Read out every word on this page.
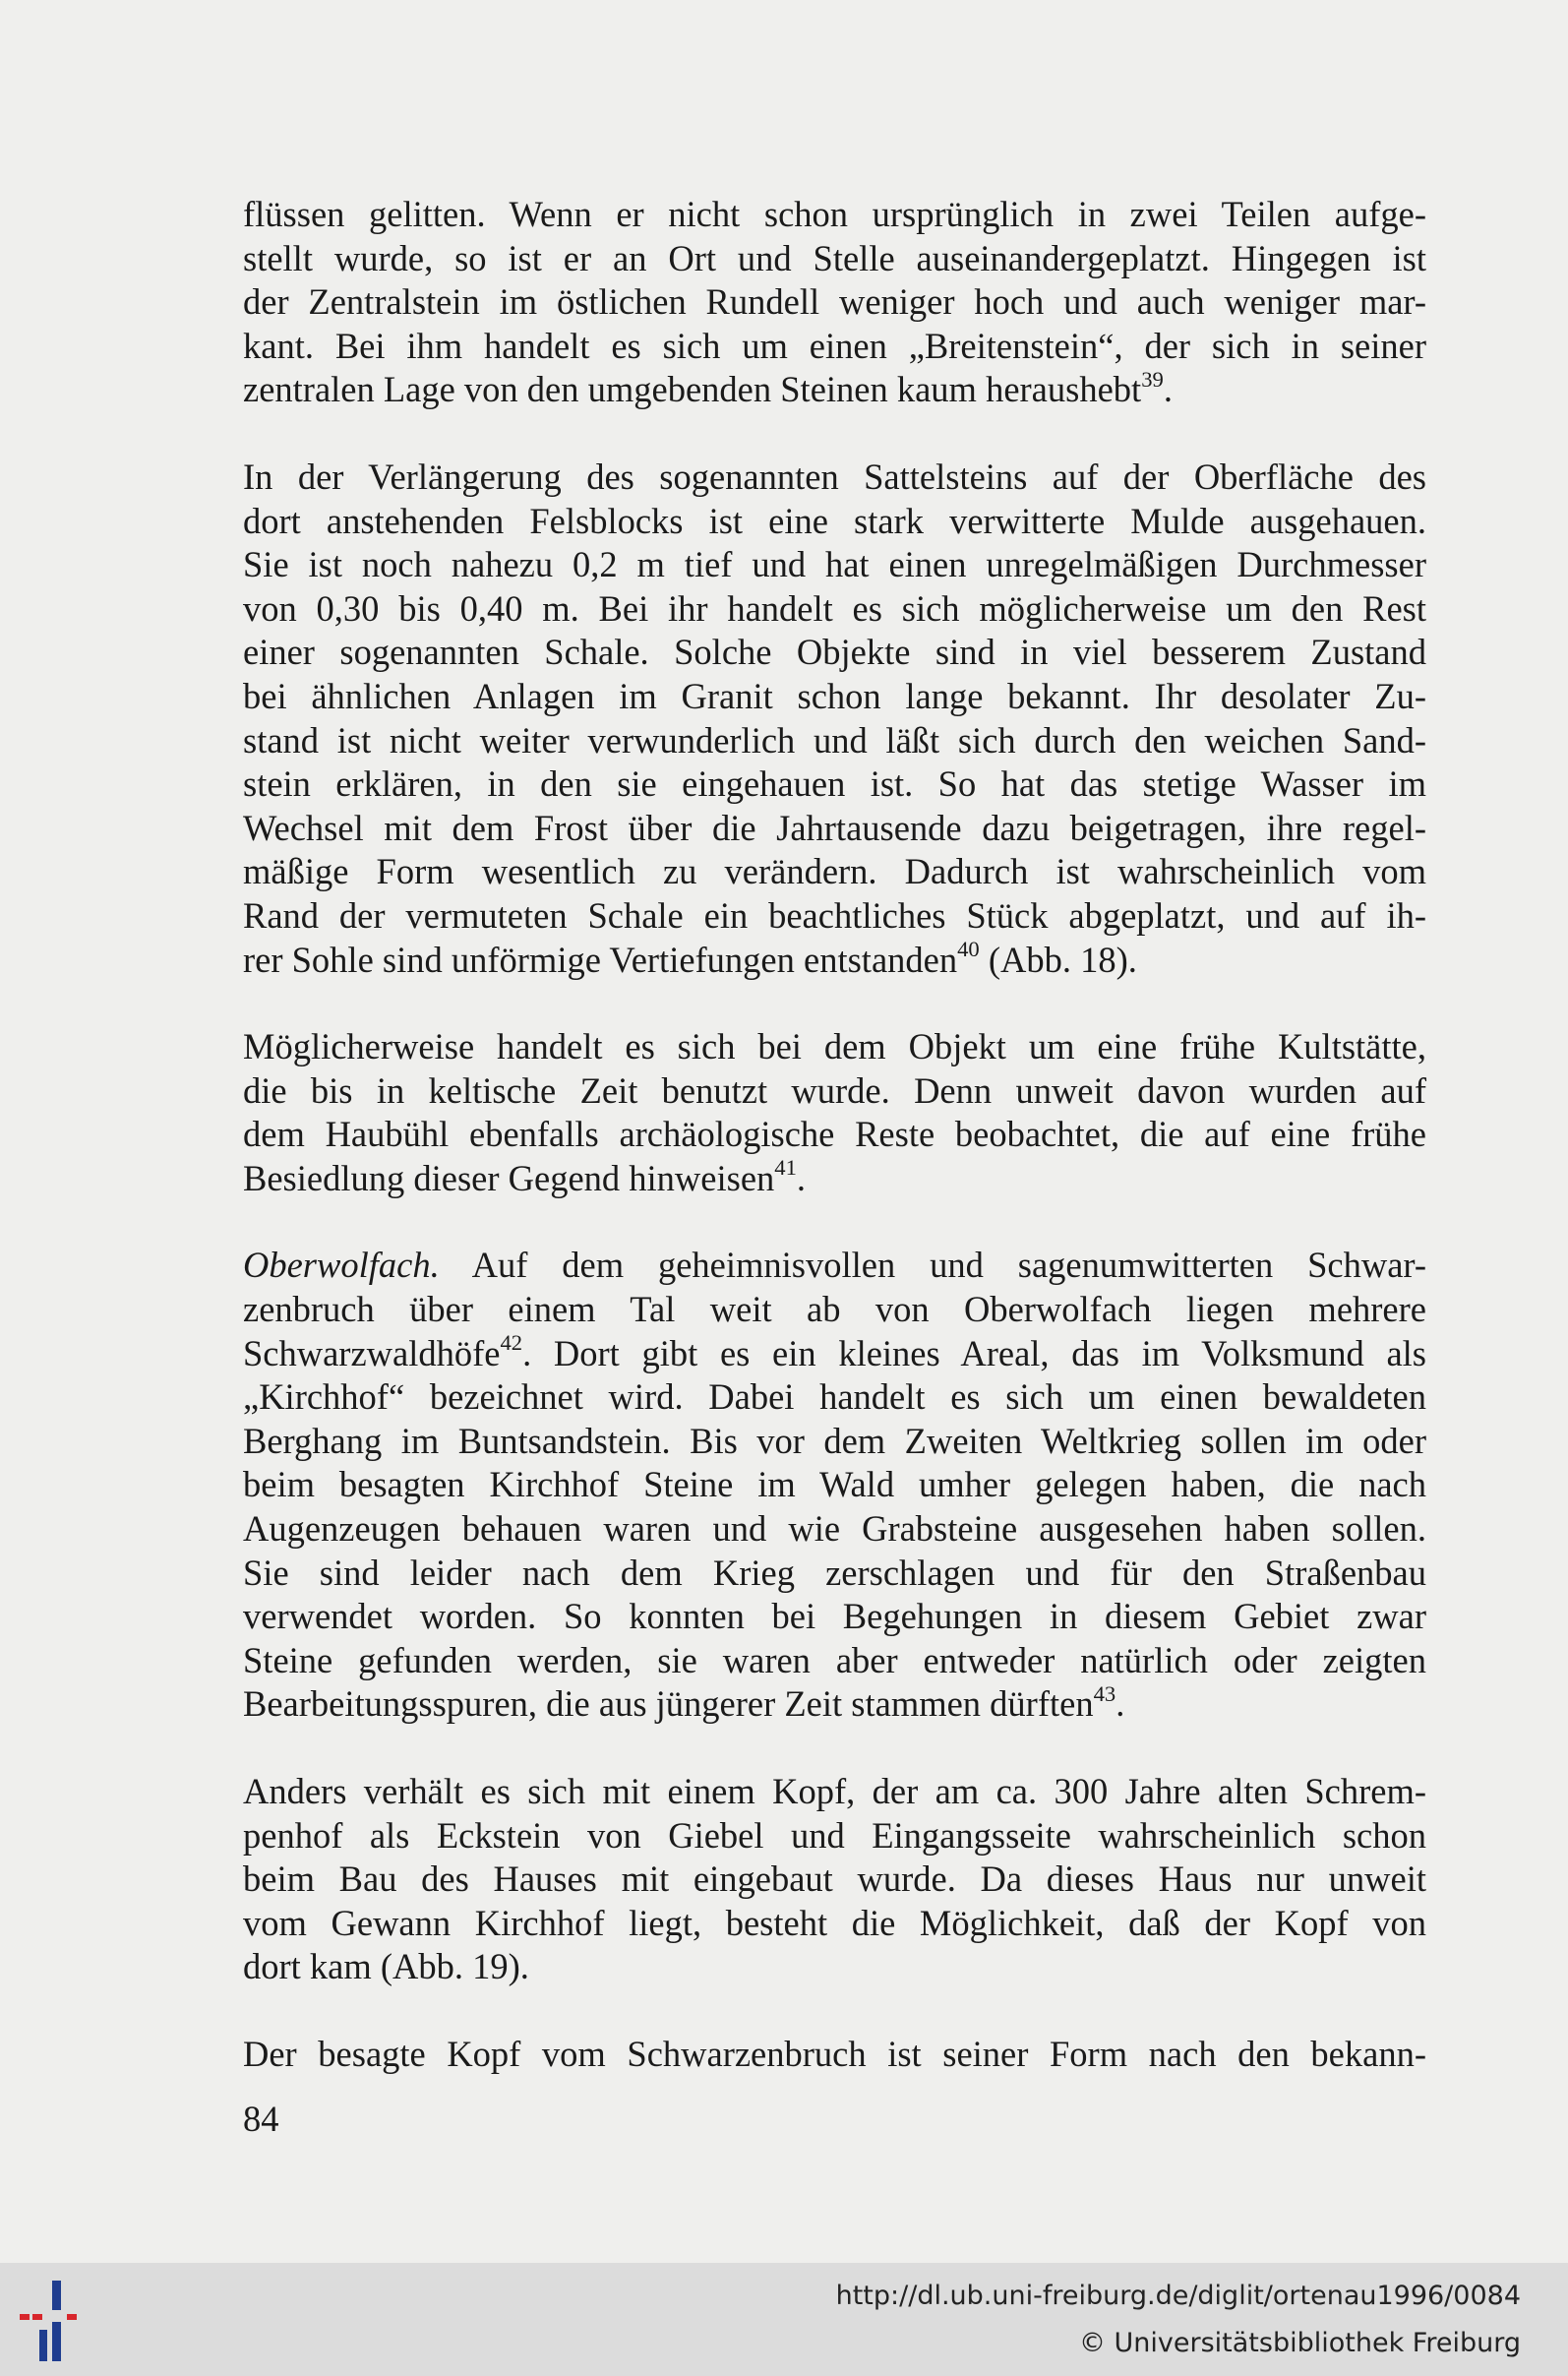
flüssen gelitten. Wenn er nicht schon ursprünglich in zwei Teilen aufge-
stellt wurde, so ist er an Ort und Stelle auseinandergeplatzt. Hingegen ist
der Zentralstein im östlichen Rundell weniger hoch und auch weniger mar-
kant. Bei ihm handelt es sich um einen „Breitenstein“, der sich in seiner
zentralen Lage von den umgebenden Steinen kaum heraushebt$^{39}$.
In der Verlängerung des sogenannten Sattelsteins auf der Oberfläche des
dort anstehenden Felsblocks ist eine stark verwitterte Mulde ausgehauen.
Sie ist noch nahezu 0,2 m tief und hat einen unregelmäßigen Durchmesser
von 0,30 bis 0,40 m. Bei ihr handelt es sich möglicherweise um den Rest
einer sogenannten Schale. Solche Objekte sind in viel besserem Zustand
bei ähnlichen Anlagen im Granit schon lange bekannt. Ihr desolater Zu-
stand ist nicht weiter verwunderlich und läßt sich durch den weichen Sand-
stein erklären, in den sie eingehauen ist. So hat das stetige Wasser im
Wechsel mit dem Frost über die Jahrtausende dazu beigetragen, ihre regel-
mäßige Form wesentlich zu verändern. Dadurch ist wahrscheinlich vom
Rand der vermuteten Schale ein beachtliches Stück abgeplatzt, und auf ih-
rer Sohle sind unförmige Vertiefungen entstanden$^{40}$ (Abb. 18).
Möglicherweise handelt es sich bei dem Objekt um eine frühe Kultstätte,
die bis in keltische Zeit benutzt wurde. Denn unweit davon wurden auf
dem Haubühl ebenfalls archäologische Reste beobachtet, die auf eine frühe
Besiedlung dieser Gegend hinweisen$^{41}$.
Oberwolfach. Auf dem geheimnisvollen und sagenumwitterten Schwar-
zenbruch über einem Tal weit ab von Oberwolfach liegen mehrere
Schwarzwaldhöfe$^{42}$. Dort gibt es ein kleines Areal, das im Volksmund als
„Kirchhof“ bezeichnet wird. Dabei handelt es sich um einen bewaldeten
Berghang im Buntsandstein. Bis vor dem Zweiten Weltkrieg sollen im oder
beim besagten Kirchhof Steine im Wald umher gelegen haben, die nach
Augenzeugen behauen waren und wie Grabsteine ausgesehen haben sollen.
Sie sind leider nach dem Krieg zerschlagen und für den Straßenbau
verwendet worden. So konnten bei Begehungen in diesem Gebiet zwar
Steine gefunden werden, sie waren aber entweder natürlich oder zeigten
Bearbeitungsspuren, die aus jüngerer Zeit stammen dürften$^{43}$.
Anders verhält es sich mit einem Kopf, der am ca. 300 Jahre alten Schrem-
penhof als Eckstein von Giebel und Eingangsseite wahrscheinlich schon
beim Bau des Hauses mit eingebaut wurde. Da dieses Haus nur unweit
vom Gewann Kirchhof liegt, besteht die Möglichkeit, daß der Kopf von
dort kam (Abb. 19).
Der besagte Kopf vom Schwarzenbruch ist seiner Form nach den bekann-
84
http://dl.ub.uni-freiburg.de/diglit/ortenau1996/0084
© Universitätsbibliothek Freiburg
